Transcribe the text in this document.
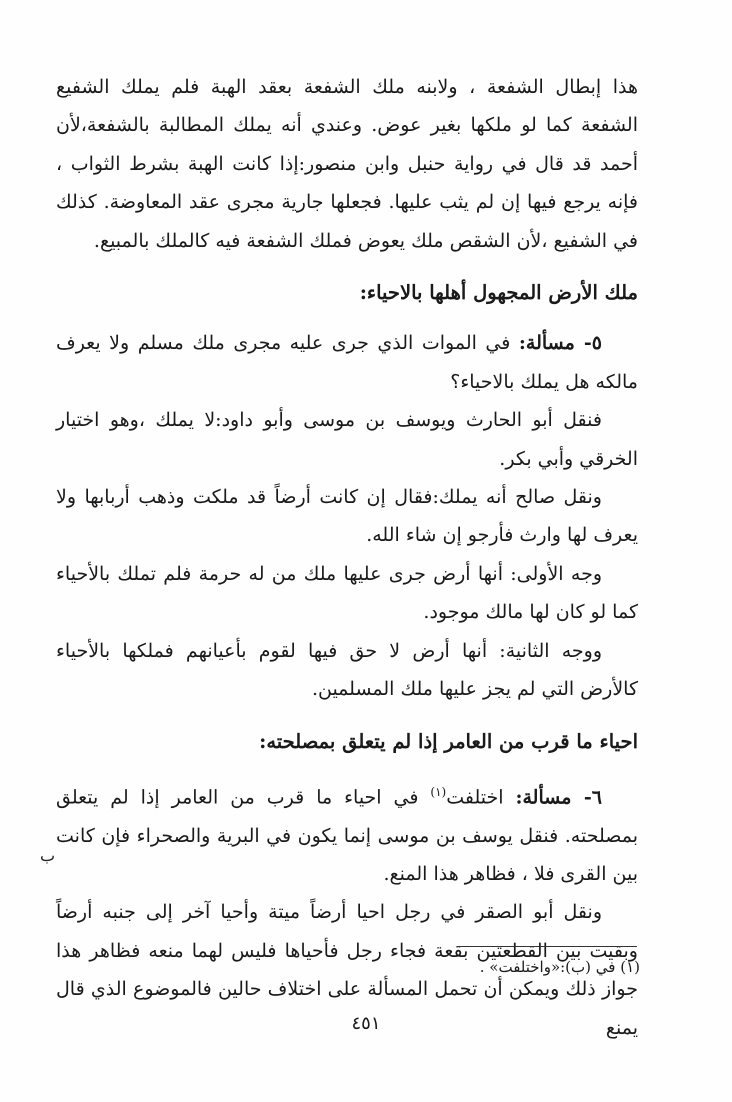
هذا إبطال الشفعة ، ولابنه ملك الشفعة بعقد الهبة فلم يملك الشفيع الشفعة كما لو ملكها بغير عوض. وعندي أنه يملك المطالبة بالشفعة،لأن أحمد قد قال في رواية حنبل وابن منصور:إذا كانت الهبة بشرط الثواب ، فإنه يرجع فيها إن لم يثب عليها. فجعلها جارية مجرى عقد المعاوضة. كذلك في الشفيع ،لأن الشقص ملك يعوض فملك الشفعة فيه كالملك بالمبيع.

ملك الأرض المجهول أهلها بالاحياء:

٥- مسألة: في الموات الذي جرى عليه مجرى ملك مسلم ولا يعرف مالكه هل يملك بالاحياء؟

فنقل أبو الحارث ويوسف بن موسى وأبو داود:لا يملك ،وهو اختيار الخرقي وأبي بكر.

ونقل صالح أنه يملك:فقال إن كانت أرضاً قد ملكت وذهب أربابها ولا يعرف لها وارث فأرجو إن شاء الله.

وجه الأولى: أنها أرض جرى عليها ملك من له حرمة فلم تملك بالأحياء كما لو كان لها مالك موجود.

ووجه الثانية: أنها أرض لا حق فيها لقوم بأعيانهم فملكها بالأحياء كالأرض التي لم يجز عليها ملك المسلمين.

احياء ما قرب من العامر إذا لم يتعلق بمصلحته:

٦- مسألة: اختلفت$^{(١)}$ في احياء ما قرب من العامر إذا لم يتعلق بمصلحته. فنقل يوسف بن موسى إنما يكون في البرية والصحراء فإن كانت بين القرى فلا ، فظاهر هذا المنع.

ونقل أبو الصقر في رجل احيا أرضاً ميتة وأحيا آخر إلى جنبه أرضاً وبقيت بين القطعتين بقعة فجاء رجل فأحياها فليس لهما منعه فظاهر هذا جواز ذلك ويمكن أن تحمل المسألة على اختلاف حالين فالموضوع الذي قال يمنع

ب
(١) في (ب):«واختلفت» .
٤٥١
